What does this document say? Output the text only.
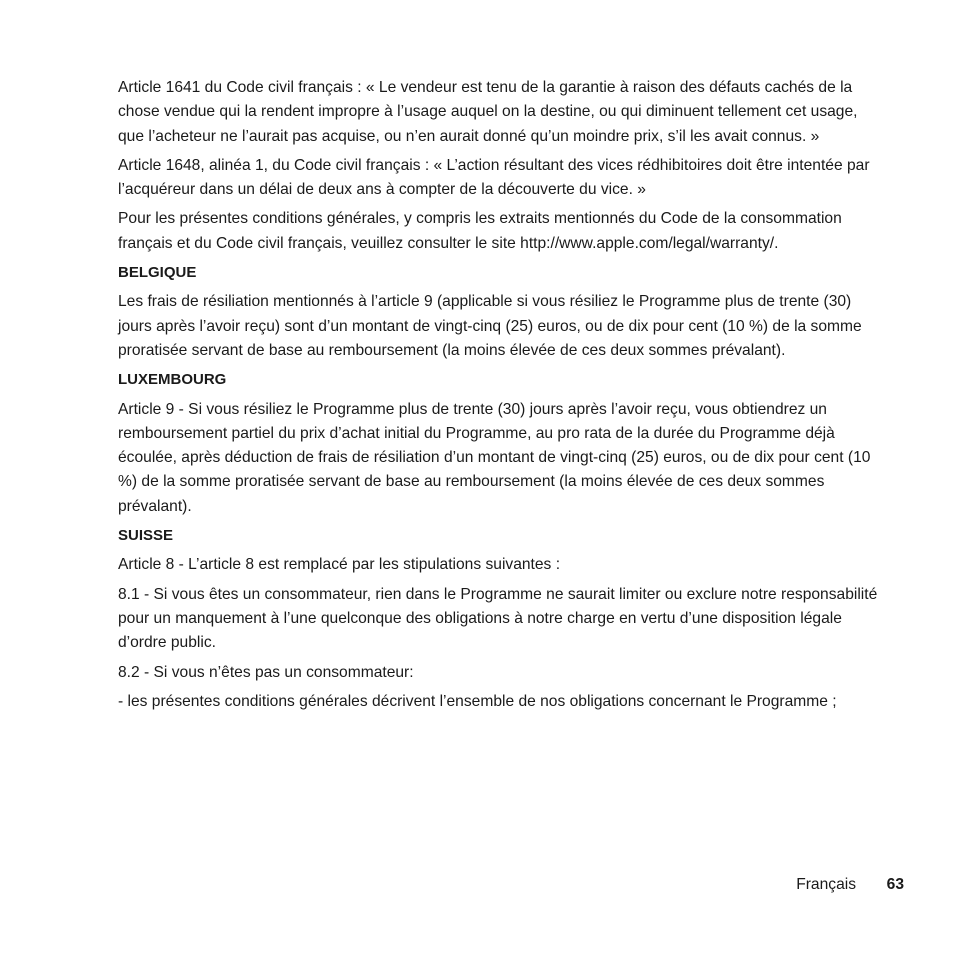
Article 1641 du Code civil français : « Le vendeur est tenu de la garantie à raison des défauts cachés de la chose vendue qui la rendent impropre à l’usage auquel on la destine, ou qui diminuent tellement cet usage, que l’acheteur ne l’aurait pas acquise, ou n’en aurait donné qu’un moindre prix, s’il les avait connus. »

Article 1648, alinéa 1, du Code civil français : « L’action résultant des vices rédhibitoires doit être intentée par l’acquéreur dans un délai de deux ans à compter de la découverte du vice. »

Pour les présentes conditions générales, y compris les extraits mentionnés du Code de la consommation français et du Code civil français, veuillez consulter le site http://www.apple.com/legal/warranty/.

BELGIQUE

Les frais de résiliation mentionnés à l’article 9 (applicable si vous résiliez le Programme plus de trente (30) jours après l’avoir reçu) sont d’un montant de vingt-cinq (25) euros, ou de dix pour cent (10 %) de la somme proratisée servant de base au remboursement (la moins élevée de ces deux sommes prévalant).

LUXEMBOURG

Article 9 - Si vous résiliez le Programme plus de trente (30) jours après l’avoir reçu, vous obtiendrez un remboursement partiel du prix d’achat initial du Programme, au pro rata de la durée du Programme déjà écoulée, après déduction de frais de résiliation d’un montant de vingt-cinq (25) euros, ou de dix pour cent (10 %) de la somme proratisée servant de base au remboursement (la moins élevée de ces deux sommes prévalant).

SUISSE

Article 8 - L’article 8 est remplacé par les stipulations suivantes :

8.1 - Si vous êtes un consommateur, rien dans le Programme ne saurait limiter ou exclure notre responsabilité pour un manquement à l’une quelconque des obligations à notre charge en vertu d’une disposition légale d’ordre public.

8.2 - Si vous n’êtes pas un consommateur:

- les présentes conditions générales décrivent l’ensemble de nos obligations concernant le Programme ;

Français 63
